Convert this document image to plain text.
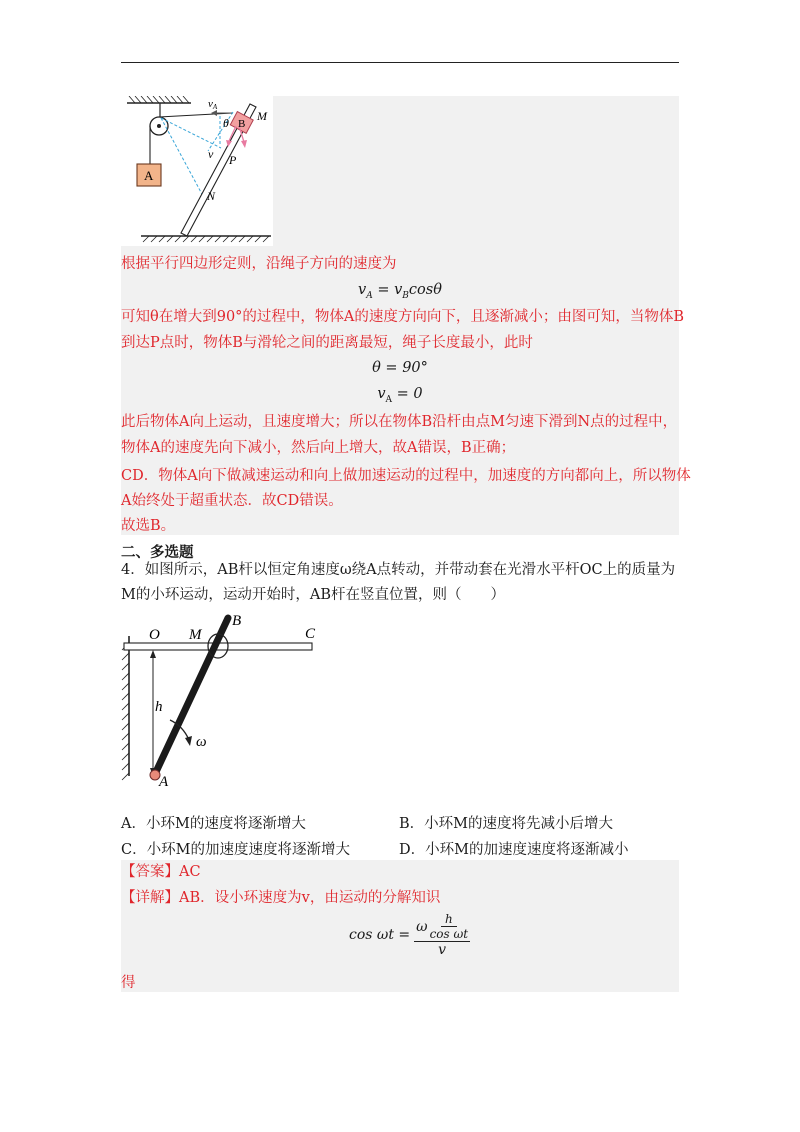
vA
θ B
M
v P
A
N
根据平行四边形定则，沿绳子方向的速度为
$v_A = v_B\cos\theta$
可知θ在增大到90°的过程中，物体A的速度方向向下，且逐渐减小；由图可知，当物体B
到达P点时，物体B与滑轮之间的距离最短，绳子长度最小，此时
θ = 90°
$v_A = 0$
此后物体A向上运动，且速度增大；所以在物体B沿杆由点M匀速下滑到N点的过程中，
物体A的速度先向下减小，然后向上增大，故A错误，B正确；
CD．物体A向下做减速运动和向上做加速运动的过程中，加速度的方向都向上，所以物体
A始终处于超重状态．故CD错误。
故选B。
二、多选题
4．如图所示，AB杆以恒定角速度ω绕A点转动，并带动套在光滑水平杆OC上的质量为
M的小环运动，运动开始时，AB杆在竖直位置，则（　　）
O M
B
C
h
ω
A
A．小环M的速度将逐渐增大	B．小环M的速度将先减小后增大
C．小环M的加速度速度将逐渐增大	D．小环M的加速度速度将逐渐减小
【答案】AC
【详解】AB．设小环速度为v，由运动的分解知识
$\cos \omega t = \frac{\omega \frac{h}{\text{cos ωt}}}{v}$
得
